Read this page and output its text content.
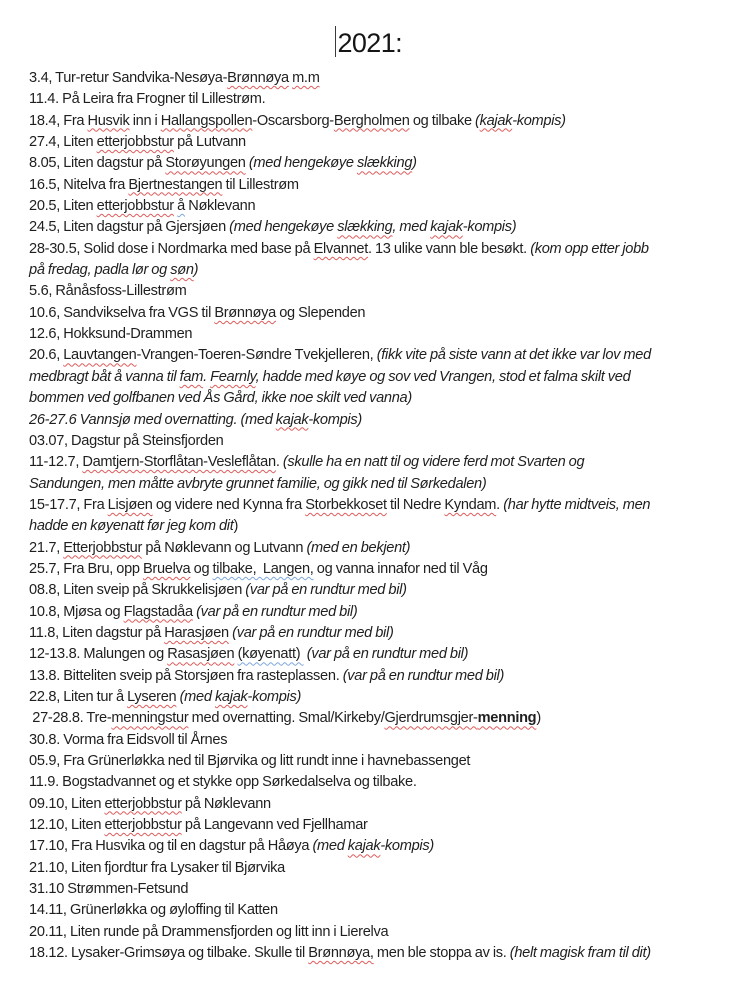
2021:
3.4, Tur-retur Sandvika-Nesøya-Brønnøya m.m
11.4. På Leira fra Frogner til Lillestrøm.
18.4, Fra Husvik inn i Hallangspollen-Oscarsborg-Bergholmen og tilbake (kajak-kompis)
27.4, Liten etterjobbstur på Lutvann
8.05, Liten dagstur på Storøyungen (med hengekøye slækking)
16.5, Nitelva fra Bjertnestangen til Lillestrøm
20.5, Liten etterjobbstur å Nøklevann
24.5, Liten dagstur på Gjersjøen (med hengekøye slækking, med kajak-kompis)
28-30.5, Solid dose i Nordmarka med base på Elvannet. 13 ulike vann ble besøkt. (kom opp etter jobb
på fredag, padla lør og søn)
5.6, Rånåsfoss-Lillestrøm
10.6, Sandvikselva fra VGS til Brønnøya og Slependen
12.6, Hokksund-Drammen
20.6, Lauvtangen-Vrangen-Toeren-Søndre Tvekjelleren, (fikk vite på siste vann at det ikke var lov med
medbragt båt å vanna til fam. Fearnly, hadde med køye og sov ved Vrangen, stod et falma skilt ved
bommen ved golfbanen ved Ås Gård, ikke noe skilt ved vanna)
26-27.6 Vannsjø med overnatting. (med kajak-kompis)
03.07, Dagstur på Steinsfjorden
11-12.7, Damtjern-Storflåtan-Vesleflåtan. (skulle ha en natt til og videre ferd mot Svarten og
Sandungen, men måtte avbryte grunnet familie, og gikk ned til Sørkedalen)
15-17.7, Fra Lisjøen og videre ned Kynna fra Storbekkoset til Nedre Kyndam. (har hytte midtveis, men
hadde en køyenatt før jeg kom dit)
21.7, Etterjobbstur på Nøklevann og Lutvann (med en bekjent)
25.7, Fra Bru, opp Bruelva og tilbake,  Langen, og vanna innafor ned til Våg
08.8, Liten sveip på Skrukkelisjøen (var på en rundtur med bil)
10.8, Mjøsa og Flagstadåa (var på en rundtur med bil)
11.8, Liten dagstur på Harasjøen (var på en rundtur med bil)
12-13.8. Malungen og Rasasjøen (køyenatt)  (var på en rundtur med bil)
13.8. Bitteliten sveip på Storsjøen fra rasteplassen. (var på en rundtur med bil)
22.8, Liten tur å Lyseren (med kajak-kompis)
27-28.8. Tre-menningstur med overnatting. Smal/Kirkeby/Gjerdrumsgjer-menning)
30.8. Vorma fra Eidsvoll til Årnes
05.9, Fra Grünerløkka ned til Bjørvika og litt rundt inne i havnebassenget
11.9. Bogstadvannet og et stykke opp Sørkedalselva og tilbake.
09.10, Liten etterjobbstur på Nøklevann
12.10, Liten etterjobbstur på Langevann ved Fjellhamar
17.10, Fra Husvika og til en dagstur på Håøya (med kajak-kompis)
21.10, Liten fjordtur fra Lysaker til Bjørvika
31.10 Strømmen-Fetsund
14.11, Grünerløkka og øyloffing til Katten
20.11, Liten runde på Drammensfjorden og litt inn i Lierelva
18.12. Lysaker-Grimsøya og tilbake. Skulle til Brønnøya, men ble stoppa av is. (helt magisk fram til dit)
